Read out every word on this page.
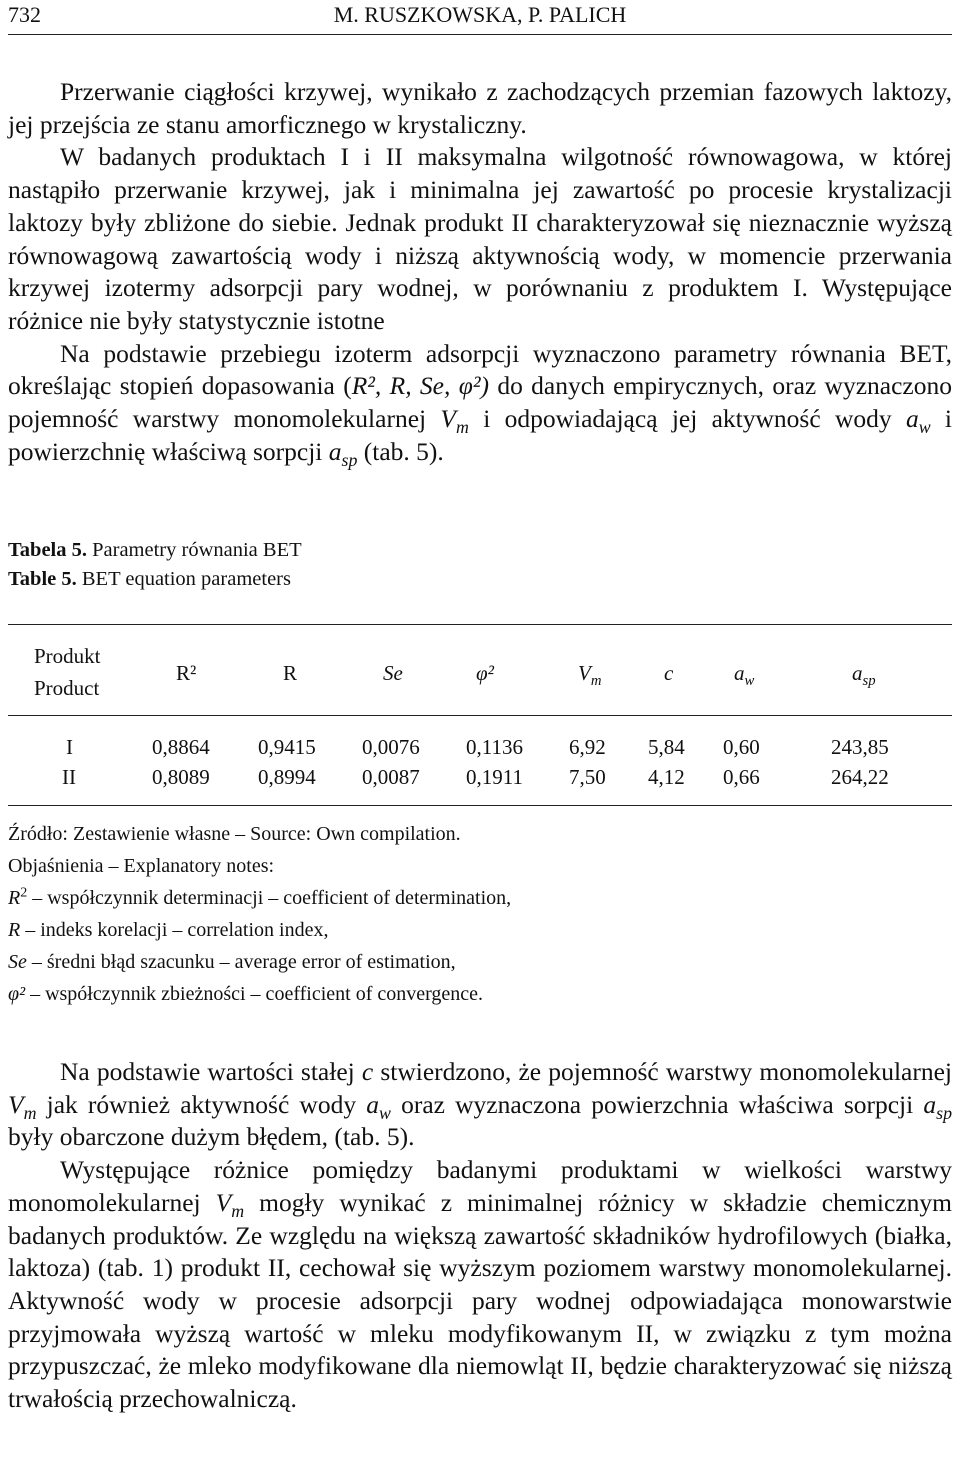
732	M. RUSZKOWSKA, P. PALICH

Przerwanie ciągłości krzywej, wynikało z zachodzących przemian fazowych laktozy, jej przejścia ze stanu amorficznego w krystaliczny.

W badanych produktach I i II maksymalna wilgotność równowagowa, w której nastąpiło przerwanie krzywej, jak i minimalna jej zawartość po procesie krystalizacji laktozy były zbliżone do siebie. Jednak produkt II charakteryzował się nieznacznie wyższą równowagową zawartością wody i niższą aktywnością wody, w momencie przerwania krzywej izotermy adsorpcji pary wodnej, w porównaniu z produktem I. Występujące różnice nie były statystycznie istotne

Na podstawie przebiegu izoterm adsorpcji wyznaczono parametry równania BET, określając stopień dopasowania (R², R, Se, φ²) do danych empirycznych, oraz wyznaczono pojemność warstwy monomolekularnej $V_m$ i odpowiadającą jej aktywność wody $a_w$ i powierzchnię właściwą sorpcji $a_{sp}$ (tab. 5).

Tabela 5. Parametry równania BET
Table 5. BET equation parameters
Produkt
Product
R²	R	Se	φ²	$V_m$	c	$a_w$	$a_{sp}$
I	0,8864 0,9415 0,0076 0,1136 6,92 5,84 0,60	243,85
II	0,8089 0,8994 0,0087 0,1911 7,50 4,12 0,66	264,22
Źródło: Zestawienie własne – Source: Own compilation.
Objaśnienia – Explanatory notes:
$R^2$ – współczynnik determinacji – coefficient of determination,
R – indeks korelacji – correlation index,
Se – średni błąd szacunku – average error of estimation,
φ² – współczynnik zbieżności – coefficient of convergence.

Na podstawie wartości stałej c stwierdzono, że pojemność warstwy monomolekularnej $V_m$ jak również aktywność wody $a_w$ oraz wyznaczona powierzchnia właściwa sorpcji $a_{sp}$ były obarczone dużym błędem, (tab. 5).

Występujące różnice pomiędzy badanymi produktami w wielkości warstwy monomolekularnej $V_m$ mogły wynikać z minimalnej różnicy w składzie chemicznym badanych produktów. Ze względu na większą zawartość składników hydrofilowych (białka, laktoza) (tab. 1) produkt II, cechował się wyższym poziomem warstwy monomolekularnej. Aktywność wody w procesie adsorpcji pary wodnej odpowiadająca monowarstwie przyjmowała wyższą wartość w mleku modyfikowanym II, w związku z tym można przypuszczać, że mleko modyfikowane dla niemowląt II, będzie charakteryzować się niższą trwałością przechowalniczą.
